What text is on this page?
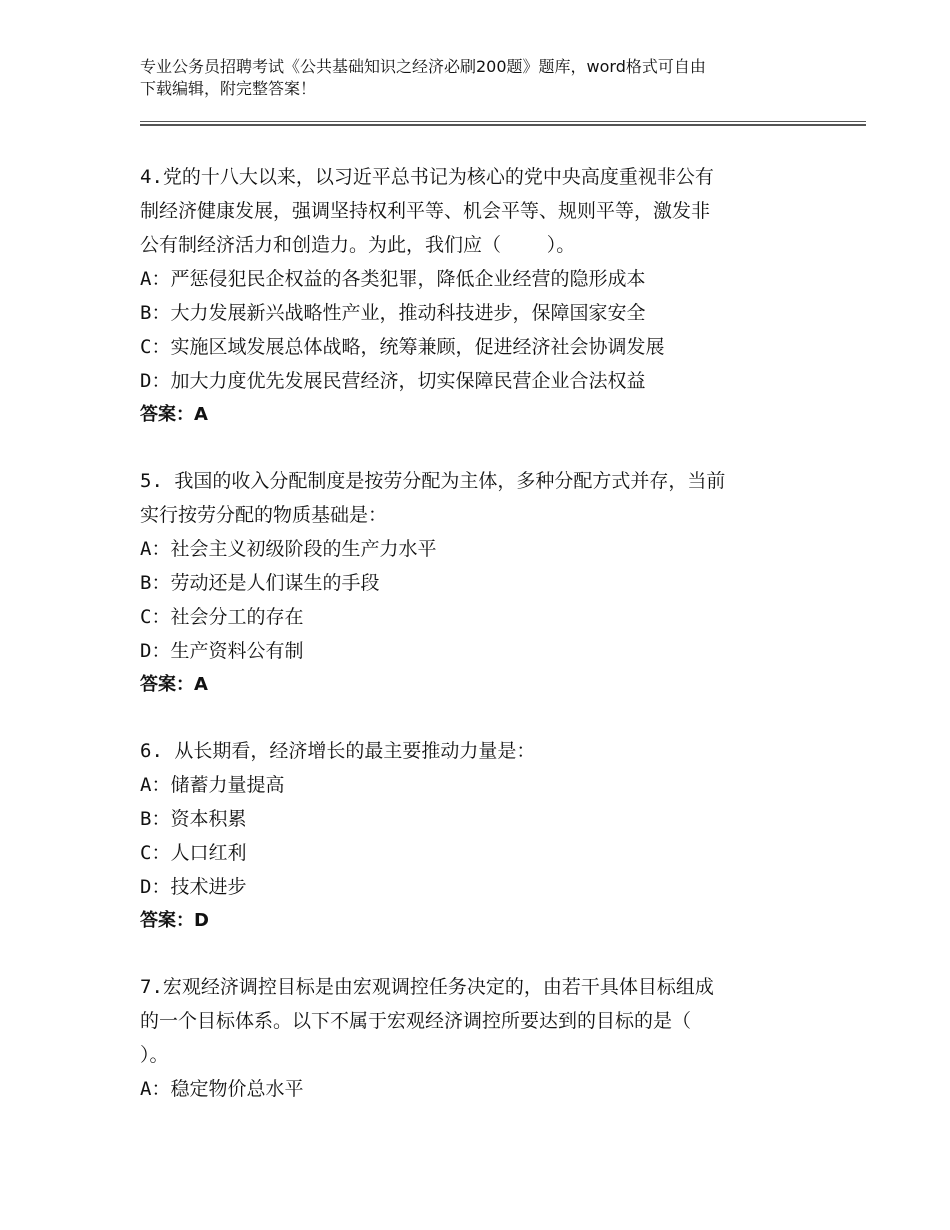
专业公务员招聘考试《公共基础知识之经济必刷200题》题库，word格式可自由
下载编辑，附完整答案！
4.党的十八大以来，以习近平总书记为核心的党中央高度重视非公有
制经济健康发展，强调坚持权利平等、机会平等、规则平等，激发非
公有制经济活力和创造力。为此，我们应（    ）。
A：严惩侵犯民企权益的各类犯罪，降低企业经营的隐形成本
B：大力发展新兴战略性产业，推动科技进步，保障国家安全
C：实施区域发展总体战略，统筹兼顾，促进经济社会协调发展
D：加大力度优先发展民营经济，切实保障民营企业合法权益
答案：A
5. 我国的收入分配制度是按劳分配为主体，多种分配方式并存，当前
实行按劳分配的物质基础是：
A：社会主义初级阶段的生产力水平
B：劳动还是人们谋生的手段
C：社会分工的存在
D：生产资料公有制
答案：A
6. 从长期看，经济增长的最主要推动力量是：
A：储蓄力量提高
B：资本积累
C：人口红利
D：技术进步
答案：D
7.宏观经济调控目标是由宏观调控任务决定的，由若干具体目标组成
的一个目标体系。以下不属于宏观经济调控所要达到的目标的是（
）。
A：稳定物价总水平
